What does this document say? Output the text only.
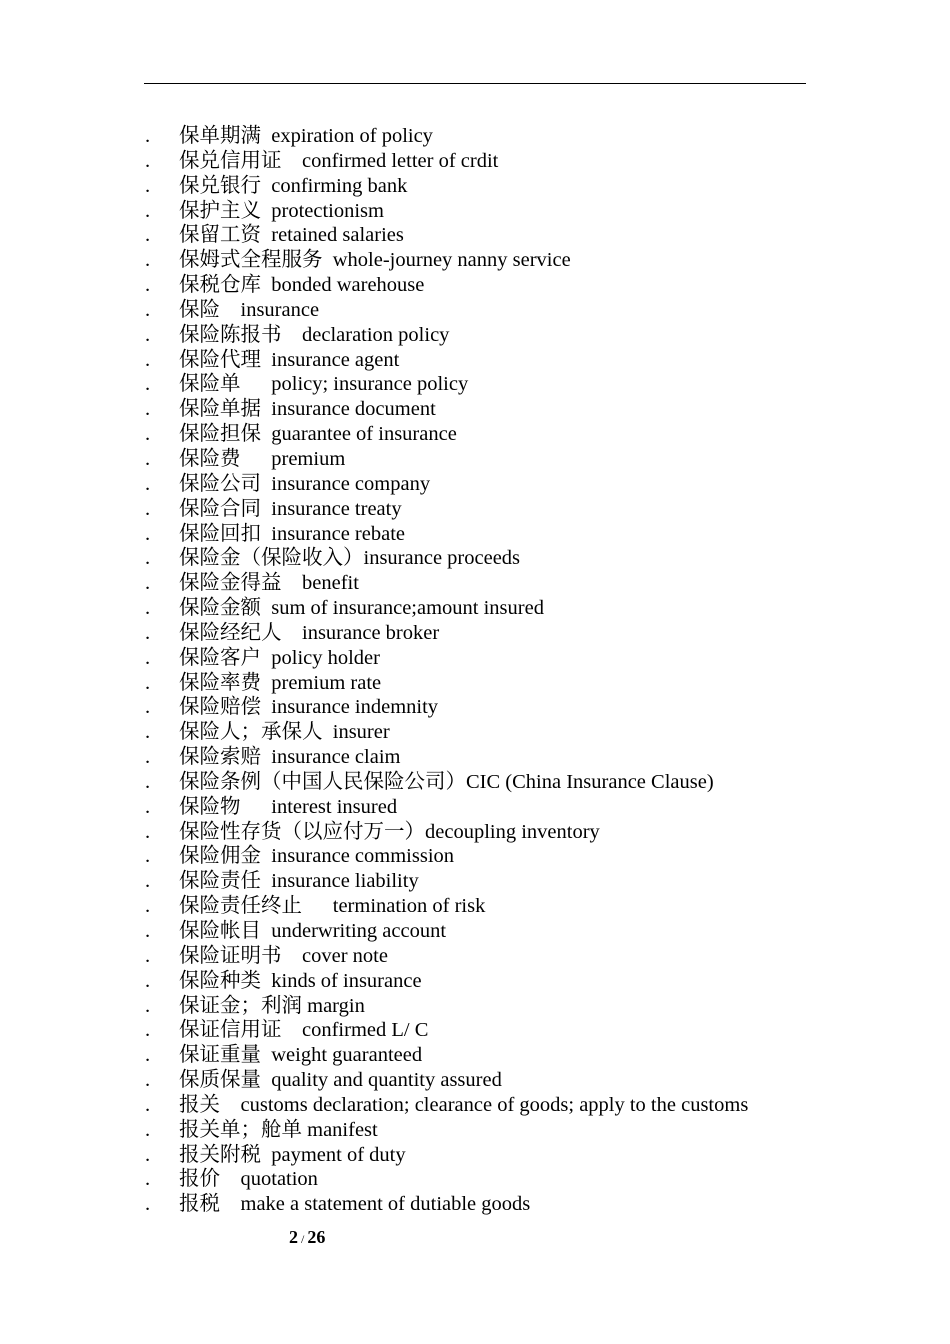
.	保单期满  expiration of policy
.	保兑信用证    confirmed letter of crdit
.	保兑银行  confirming bank
.	保护主义  protectionism
.	保留工资  retained salaries
.	保姆式全程服务  whole-journey nanny service
.	保税仓库  bonded warehouse
.	保险    insurance
.	保险陈报书    declaration policy
.	保险代理  insurance agent
.	保险单      policy; insurance policy
.	保险单据  insurance document
.	保险担保  guarantee of insurance
.	保险费      premium
.	保险公司  insurance company
.	保险合同  insurance treaty
.	保险回扣  insurance rebate
.	保险金（保险收入）insurance proceeds
.	保险金得益    benefit
.	保险金额  sum of insurance;amount insured
.	保险经纪人    insurance broker
.	保险客户  policy holder
.	保险率费  premium rate
.	保险赔偿  insurance indemnity
.	保险人；承保人  insurer
.	保险索赔  insurance claim
.	保险条例（中国人民保险公司）CIC (China Insurance Clause)
.	保险物      interest insured
.	保险性存货（以应付万一）decoupling inventory
.	保险佣金  insurance commission
.	保险责任  insurance liability
.	保险责任终止      termination of risk
.	保险帐目  underwriting account
.	保险证明书    cover note
.	保险种类  kinds of insurance
.	保证金；利润 margin
.	保证信用证    confirmed L/ C
.	保证重量  weight guaranteed
.	保质保量  quality and quantity assured
.	报关    customs declaration; clearance of goods; apply to the customs
.	报关单；舱单 manifest
.	报关附税  payment of duty
.	报价    quotation
.	报税    make a statement of dutiable goods
2 / 26
